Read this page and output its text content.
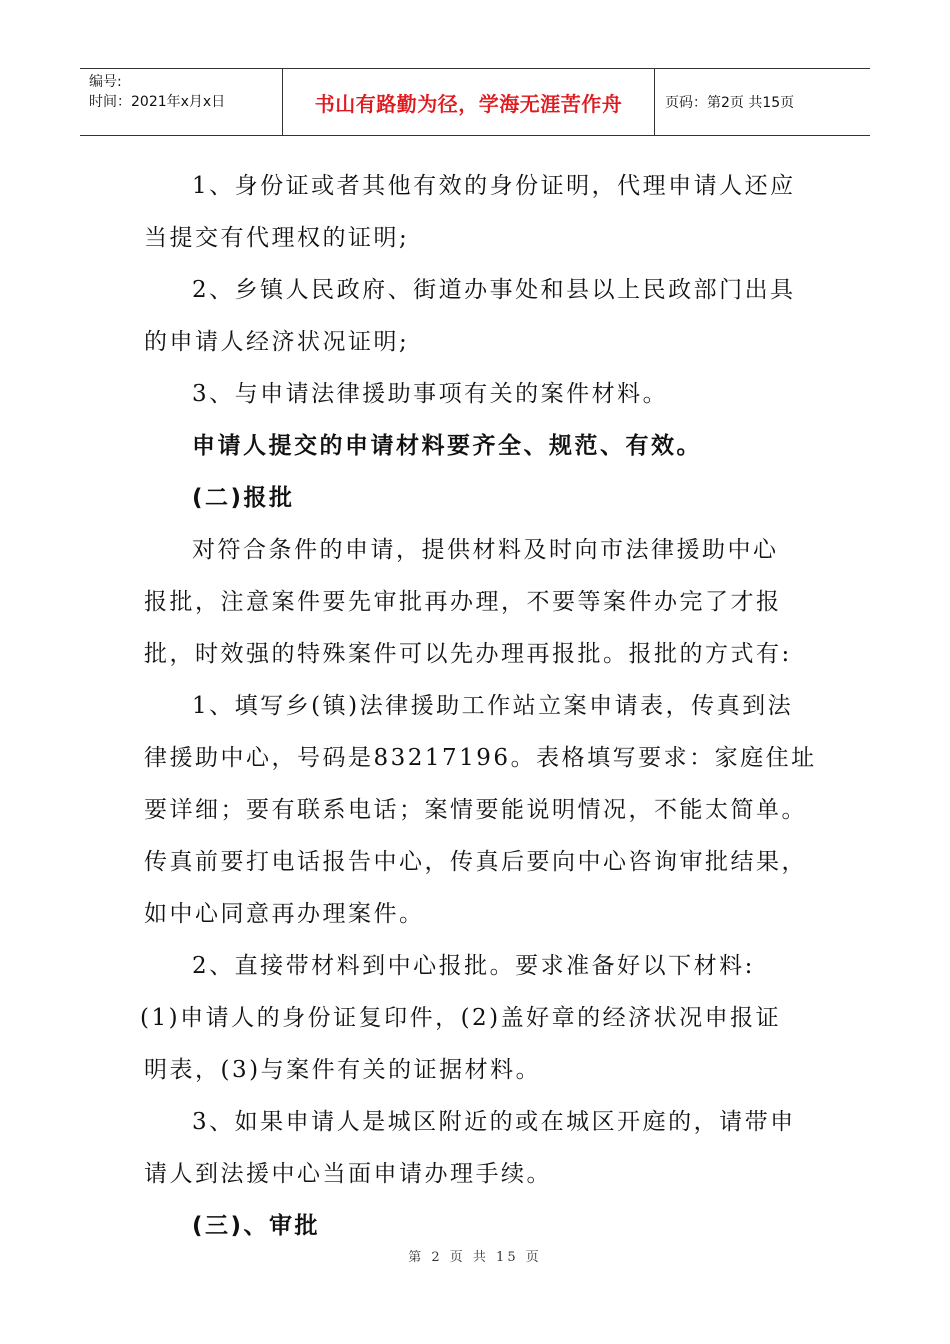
编号:
时间：2021年x月x日	书山有路勤为径，学海无涯苦作舟	页码：第2页 共15页

1、身份证或者其他有效的身份证明，代理申请人还应

当提交有代理权的证明;

2、乡镇人民政府、街道办事处和县以上民政部门出具

的申请人经济状况证明;

3、与申请法律援助事项有关的案件材料。

申请人提交的申请材料要齐全、规范、有效。

(二)报批

对符合条件的申请，提供材料及时向市法律援助中心

报批，注意案件要先审批再办理，不要等案件办完了才报

批，时效强的特殊案件可以先办理再报批。报批的方式有:

1、填写乡(镇)法律援助工作站立案申请表，传真到法

律援助中心，号码是83217196。表格填写要求：家庭住址

要详细；要有联系电话；案情要能说明情况，不能太简单。

传真前要打电话报告中心，传真后要向中心咨询审批结果，

如中心同意再办理案件。

2、直接带材料到中心报批。要求准备好以下材料:

(1)申请人的身份证复印件，(2)盖好章的经济状况申报证

明表，(3)与案件有关的证据材料。

3、如果申请人是城区附近的或在城区开庭的，请带申

请人到法援中心当面申请办理手续。

(三)、审批

第 2 页 共 15 页
